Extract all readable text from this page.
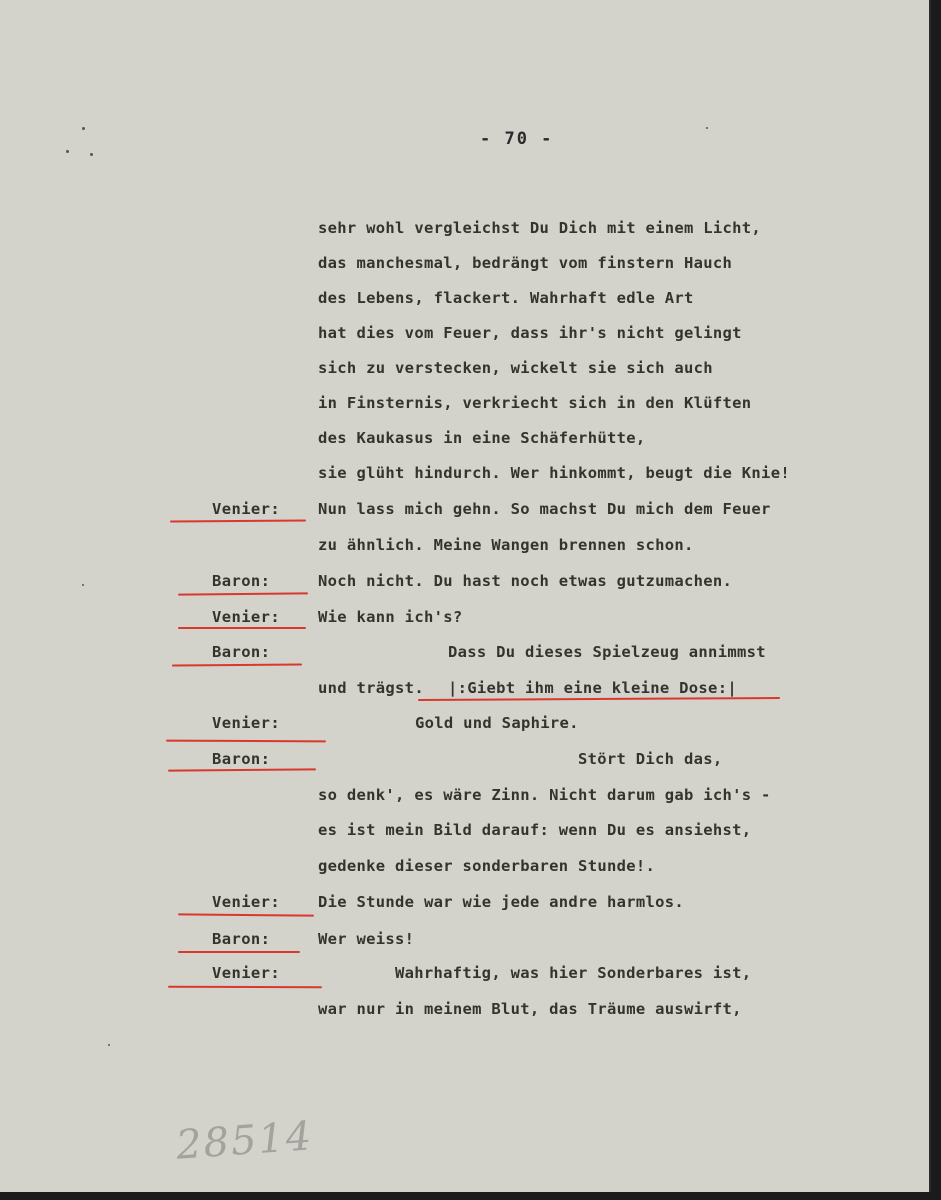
- 70 -
sehr wohl vergleichst Du Dich mit einem Licht,
das manchesmal, bedrängt vom finstern Hauch
des Lebens, flackert. Wahrhaft edle Art
hat dies vom Feuer, dass ihr's nicht gelingt
sich zu verstecken, wickelt sie sich auch
in Finsternis, verkriecht sich in den Klüften
des Kaukasus in eine Schäferhütte,
sie glüht hindurch. Wer hinkommt, beugt die Knie!
Nun lass mich gehn. So machst Du mich dem Feuer
zu ähnlich. Meine Wangen brennen schon.
Noch nicht. Du hast noch etwas gutzumachen.
Wie kann ich's?
Dass Du dieses Spielzeug annimmst
und trägst. |:Giebt ihm eine kleine Dose:|
Gold und Saphire.
Stört Dich das,
so denk', es wäre Zinn. Nicht darum gab ich's -
es ist mein Bild darauf: wenn Du es ansiehst,
gedenke dieser sonderbaren Stunde!.
Die Stunde war wie jede andre harmlos.
Wer weiss!
Wahrhaftig, was hier Sonderbares ist,
war nur in meinem Blut, das Träume auswirft,
Venier:
Baron:
Venier:
Baron:
Venier:
Baron:
Venier:
Baron:
Venier:
28514
